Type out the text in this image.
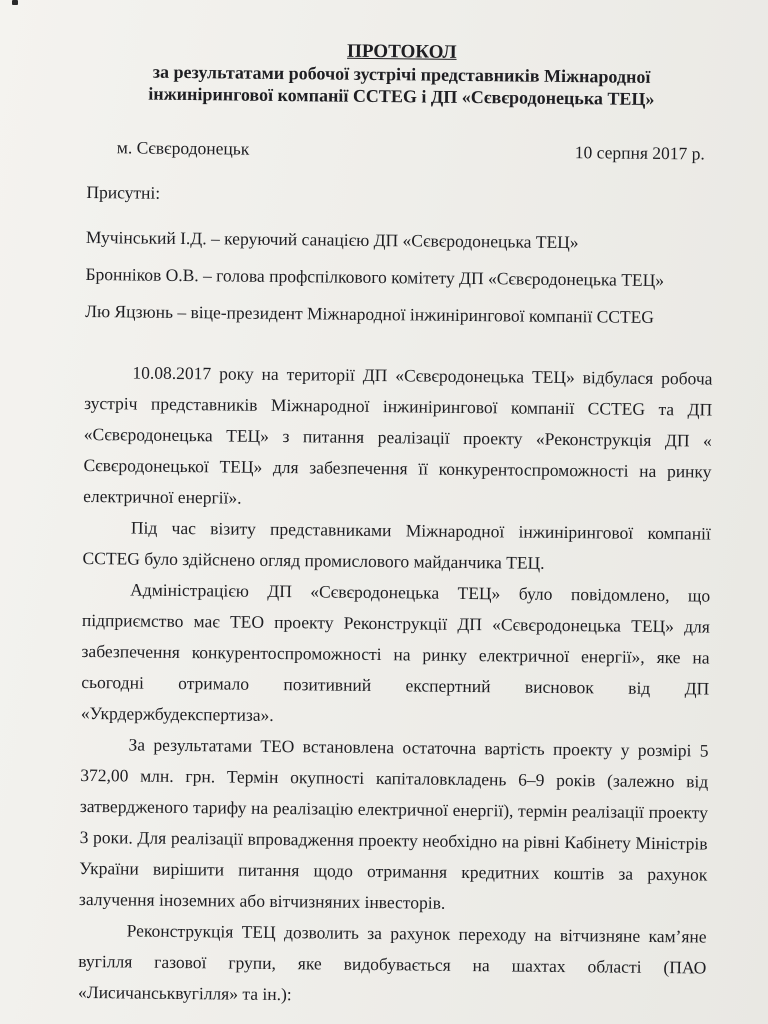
ПРОТОКОЛ

за результатами робочої зустрічі представників Міжнародної

інжинірингової компанії CCTEG і ДП «Сєвєродонецька ТЕЦ»

м. Сєвєродонецьк	10 серпня 2017 р.
Присутні:
Мучінський І.Д. – керуючий санацією ДП «Сєвєродонецька ТЕЦ»
Бронніков О.В. – голова профспілкового комітету ДП «Сєвєродонецька ТЕЦ»
Лю Яцзюнь – віце-президент Міжнародної інжинірингової компанії CCTEG

10.08.2017 року на території ДП «Сєвєродонецька ТЕЦ» відбулася робоча зустріч представників Міжнародної інжинірингової компанії CCTEG та ДП «Сєвєродонецька ТЕЦ» з питання реалізації проекту «Реконструкція ДП « Сєвєродонецької ТЕЦ» для забезпечення її конкурентоспроможності на ринку електричної енергії».

Під час візиту представниками Міжнародної інжинірингової компанії CCTEG було здійснено огляд промислового майданчика ТЕЦ.

Адміністрацією ДП «Сєвєродонецька ТЕЦ» було повідомлено, що підприємство має ТЕО проекту Реконструкції ДП «Сєвєродонецька ТЕЦ» для забезпечення конкурентоспроможності на ринку електричної енергії», яке на сьогодні отримало позитивний експертний висновок від ДП «Укрдержбудекспертиза».

За результатами ТЕО встановлена остаточна вартість проекту у розмірі 5 372,00 млн. грн. Термін окупності капіталовкладень 6–9 років (залежно від затвердженого тарифу на реалізацію електричної енергії), термін реалізації проекту 3 роки. Для реалізації впровадження проекту необхідно на рівні Кабінету Міністрів України вирішити питання щодо отримання кредитних коштів за рахунок залучення іноземних або вітчизняних інвесторів.

Реконструкція ТЕЦ дозволить за рахунок переходу на вітчизняне кам’яне вугілля газової групи, яке видобувається на шахтах області (ПАО «Лисичанськвугілля» та ін.):
